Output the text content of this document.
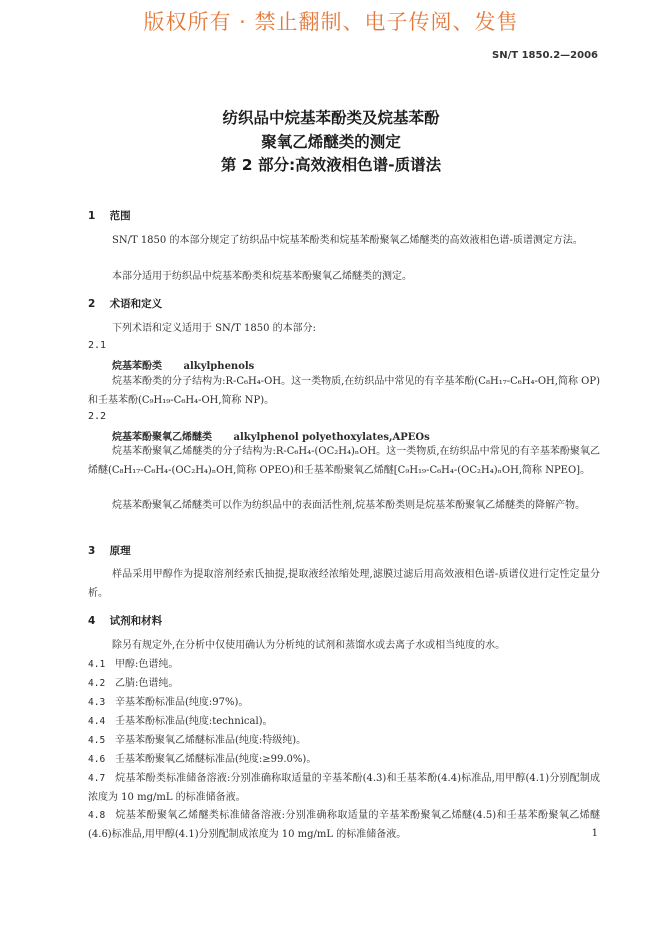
版权所有 · 禁止翻制、电子传阅、发售
SN/T 1850.2—2006
纺织品中烷基苯酚类及烷基苯酚
聚氧乙烯醚类的测定
第 2 部分:高效液相色谱-质谱法
1 范围
SN/T 1850 的本部分规定了纺织品中烷基苯酚类和烷基苯酚聚氧乙烯醚类的高效液相色谱-质谱测定方法。
本部分适用于纺织品中烷基苯酚类和烷基苯酚聚氧乙烯醚类的测定。
2 术语和定义
下列术语和定义适用于 SN/T 1850 的本部分:
2.1
烷基苯酚类 alkylphenols
烷基苯酚类的分子结构为:R-C₆H₄-OH。这一类物质,在纺织品中常见的有辛基苯酚(C₈H₁₇-C₆H₄-OH,简称 OP)和壬基苯酚(C₉H₁₉-C₆H₄-OH,简称 NP)。
2.2
烷基苯酚聚氧乙烯醚类 alkylphenol polyethoxylates,APEOs
烷基苯酚聚氧乙烯醚类的分子结构为:R-C₆H₄-(OC₂H₄)ₙOH。这一类物质,在纺织品中常见的有辛基苯酚聚氧乙烯醚(C₈H₁₇-C₆H₄-(OC₂H₄)ₙOH,简称 OPEO)和壬基苯酚聚氧乙烯醚[C₉H₁₉-C₆H₄-(OC₂H₄)ₙOH,简称 NPEO]。
烷基苯酚聚氧乙烯醚类可以作为纺织品中的表面活性剂,烷基苯酚类则是烷基苯酚聚氧乙烯醚类的降解产物。
3 原理
样品采用甲醇作为提取溶剂经索氏抽提,提取液经浓缩处理,滤膜过滤后用高效液相色谱-质谱仪进行定性定量分析。
4 试剂和材料
除另有规定外,在分析中仅使用确认为分析纯的试剂和蒸馏水或去离子水或相当纯度的水。
4.1 甲醇:色谱纯。
4.2 乙腈:色谱纯。
4.3 辛基苯酚标准品(纯度:97%)。
4.4 壬基苯酚标准品(纯度:technical)。
4.5 辛基苯酚聚氧乙烯醚标准品(纯度:特级纯)。
4.6 壬基苯酚聚氧乙烯醚标准品(纯度:≥99.0%)。
4.7 烷基苯酚类标准储备溶液:分别准确称取适量的辛基苯酚(4.3)和壬基苯酚(4.4)标准品,用甲醇(4.1)分别配制成浓度为 10 mg/mL 的标准储备液。
4.8 烷基苯酚聚氧乙烯醚类标准储备溶液:分别准确称取适量的辛基苯酚聚氧乙烯醚(4.5)和壬基苯酚聚氧乙烯醚(4.6)标准品,用甲醇(4.1)分别配制成浓度为 10 mg/mL 的标准储备液。	1
